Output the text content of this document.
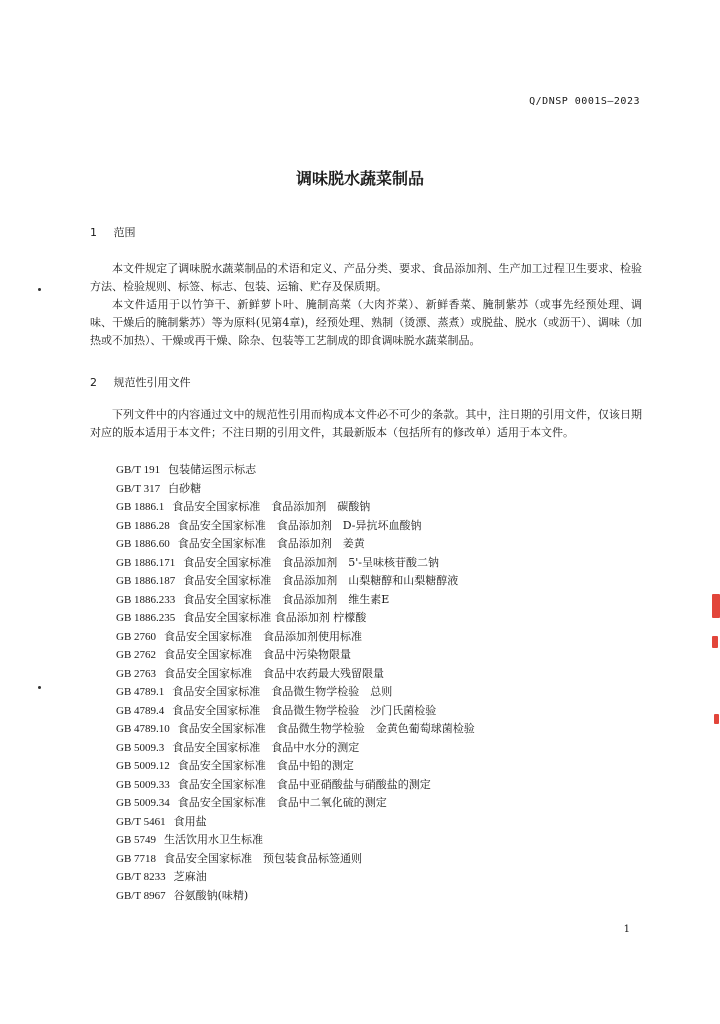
Q/DNSP 0001S—2023
调味脱水蔬菜制品
1 范围

本文件规定了调味脱水蔬菜制品的术语和定义、产品分类、要求、食品添加剂、生产加工过程卫生要求、检验方法、检验规则、标签、标志、包装、运输、贮存及保质期。

本文件适用于以竹笋干、新鲜萝卜叶、腌制高菜（大肉芥菜）、新鲜香菜、腌制紫苏（或事先经预处理、调味、干燥后的腌制紫苏）等为原料(见第4章)，经预处理、熟制（烫漂、蒸煮）或脱盐、脱水（或沥干）、调味（加热或不加热）、干燥或再干燥、除杂、包装等工艺制成的即食调味脱水蔬菜制品。

2 规范性引用文件

下列文件中的内容通过文中的规范性引用而构成本文件必不可少的条款。其中，注日期的引用文件，仅该日期对应的版本适用于本文件；不注日期的引用文件，其最新版本（包括所有的修改单）适用于本文件。

GB/T 191 包装储运图示标志
GB/T 317 白砂糖
GB 1886.1 食品安全国家标准　食品添加剂　碳酸钠
GB 1886.28 食品安全国家标准　食品添加剂　D-异抗坏血酸钠
GB 1886.60 食品安全国家标准　食品添加剂　姜黄
GB 1886.171 食品安全国家标准　食品添加剂　5'-呈味核苷酸二钠
GB 1886.187 食品安全国家标准　食品添加剂　山梨糖醇和山梨糖醇液
GB 1886.233 食品安全国家标准　食品添加剂　维生素E
GB 1886.235 食品安全国家标准 食品添加剂 柠檬酸
GB 2760 食品安全国家标准　食品添加剂使用标准
GB 2762 食品安全国家标准　食品中污染物限量
GB 2763 食品安全国家标准　食品中农药最大残留限量
GB 4789.1 食品安全国家标准　食品微生物学检验　总则
GB 4789.4 食品安全国家标准　食品微生物学检验　沙门氏菌检验
GB 4789.10 食品安全国家标准　食品微生物学检验　金黄色葡萄球菌检验
GB 5009.3 食品安全国家标准　食品中水分的测定
GB 5009.12 食品安全国家标准　食品中铅的测定
GB 5009.33 食品安全国家标准　食品中亚硝酸盐与硝酸盐的测定
GB 5009.34 食品安全国家标准　食品中二氧化硫的测定
GB/T 5461 食用盐
GB 5749 生活饮用水卫生标准
GB 7718 食品安全国家标准　预包装食品标签通则
GB/T 8233 芝麻油
GB/T 8967 谷氨酸钠(味精)
1
